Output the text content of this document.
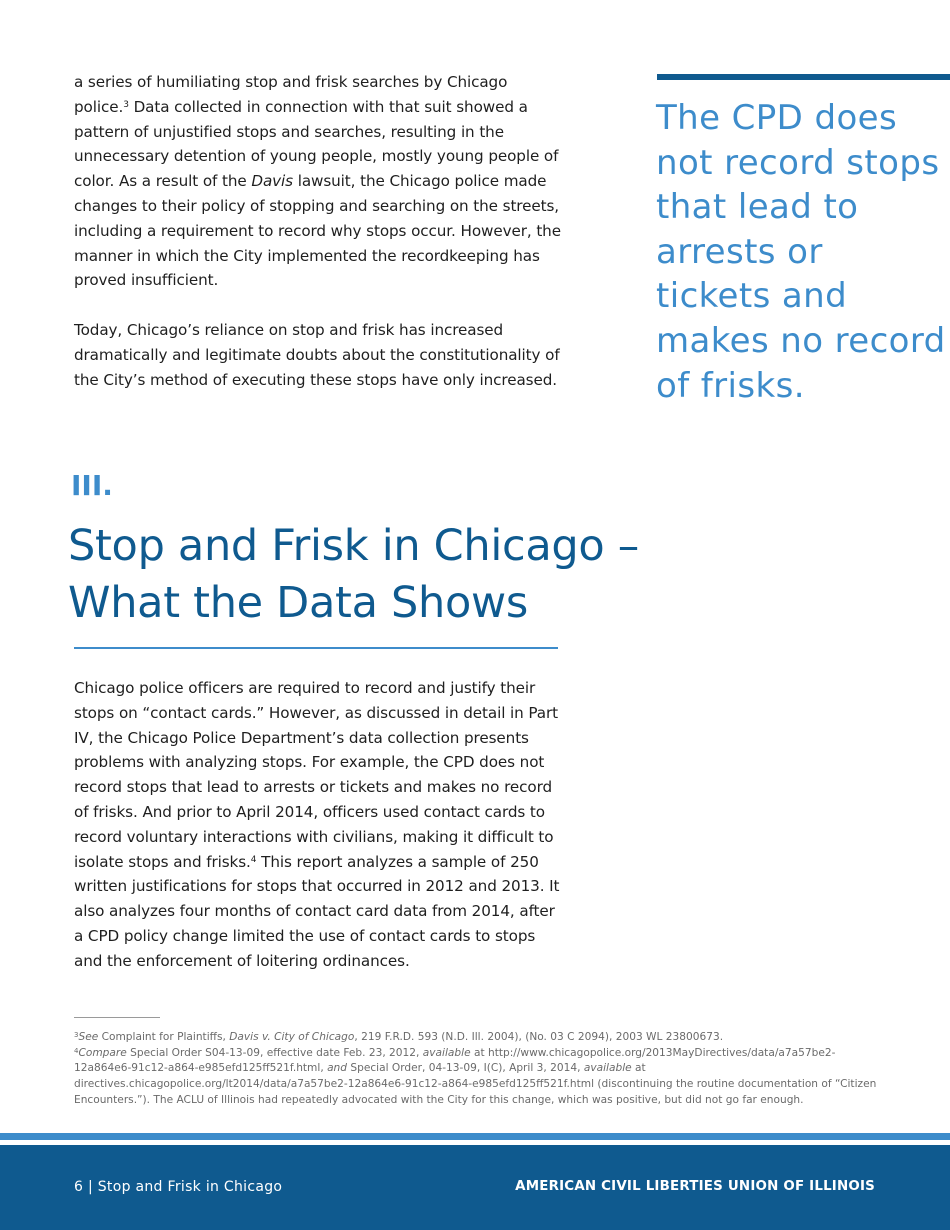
a series of humiliating stop and frisk searches by Chicago police.$^3$ Data collected in connection with that suit showed a pattern of unjustified stops and searches, resulting in the unnecessary detention of young people, mostly young people of color. As a result of the Davis lawsuit, the Chicago police made changes to their policy of stopping and searching on the streets, including a requirement to record why stops occur. However, the manner in which the City implemented the recordkeeping has proved insufficient.

Today, Chicago’s reliance on stop and frisk has increased dramatically and legitimate doubts about the constitutionality of the City’s method of executing these stops have only increased.

The CPD does not record stops that lead to arrests or tickets and makes no record of frisks.

III.
Stop and Frisk in Chicago –
What the Data Shows

Chicago police officers are required to record and justify their stops on “contact cards.” However, as discussed in detail in Part IV, the Chicago Police Department’s data collection presents problems with analyzing stops. For example, the CPD does not record stops that lead to arrests or tickets and makes no record of frisks. And prior to April 2014, officers used contact cards to record voluntary interactions with civilians, making it difficult to isolate stops and frisks.$^4$ This report analyzes a sample of 250 written justifications for stops that occurred in 2012 and 2013. It also analyzes four months of contact card data from 2014, after a CPD policy change limited the use of contact cards to stops and the enforcement of loitering ordinances.

$^3$See Complaint for Plaintiffs, Davis v. City of Chicago, 219 F.R.D. 593 (N.D. Ill. 2004), (No. 03 C 2094), 2003 WL 23800673.

$^4$Compare Special Order S04-13-09, effective date Feb. 23, 2012, available at http://www.chicagopolice.org/2013MayDirectives/data/a7a57be2-12a864e6-91c12-a864-e985efd125ff521f.html, and Special Order, 04-13-09, I(C), April 3, 2014, available at directives.chicagopolice.org/lt2014/data/a7a57be2-12a864e6-91c12-a864-e985efd125ff521f.html (discontinuing the routine documentation of “Citizen Encounters.”). The ACLU of Illinois had repeatedly advocated with the City for this change, which was positive, but did not go far enough.

6 | Stop and Frisk in Chicago	AMERICAN CIVIL LIBERTIES UNION OF ILLINOIS
